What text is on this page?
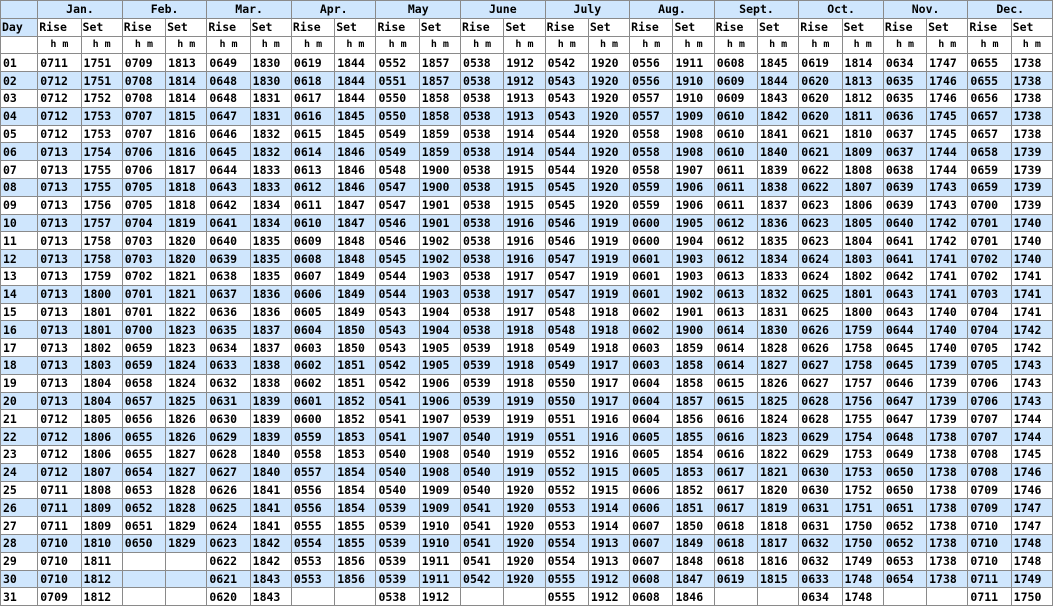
	Jan.		Feb.		Mar.		Apr.		May		June		July		Aug.		Sept.		Oct.		Nov.		Dec.	
Day	Rise	Set	Rise	Set	Rise	Set	Rise	Set	Rise	Set	Rise	Set	Rise	Set	Rise	Set	Rise	Set	Rise	Set	Rise	Set	Rise	Set
	h m	h m	h m	h m	h m	h m	h m	h m	h m	h m	h m	h m	h m	h m	h m	h m	h m	h m	h m	h m	h m	h m	h m	h m
01	0711	1751	0709	1813	0649	1830	0619	1844	0552	1857	0538	1912	0542	1920	0556	1911	0608	1845	0619	1814	0634	1747	0655	1738
02	0712	1751	0708	1814	0648	1830	0618	1844	0551	1857	0538	1912	0543	1920	0556	1910	0609	1844	0620	1813	0635	1746	0655	1738
03	0712	1752	0708	1814	0648	1831	0617	1844	0550	1858	0538	1913	0543	1920	0557	1910	0609	1843	0620	1812	0635	1746	0656	1738
04	0712	1753	0707	1815	0647	1831	0616	1845	0550	1858	0538	1913	0543	1920	0557	1909	0610	1842	0620	1811	0636	1745	0657	1738
05	0712	1753	0707	1816	0646	1832	0615	1845	0549	1859	0538	1914	0544	1920	0558	1908	0610	1841	0621	1810	0637	1745	0657	1738
06	0713	1754	0706	1816	0645	1832	0614	1846	0549	1859	0538	1914	0544	1920	0558	1908	0610	1840	0621	1809	0637	1744	0658	1739
07	0713	1755	0706	1817	0644	1833	0613	1846	0548	1900	0538	1915	0544	1920	0558	1907	0611	1839	0622	1808	0638	1744	0659	1739
08	0713	1755	0705	1818	0643	1833	0612	1846	0547	1900	0538	1915	0545	1920	0559	1906	0611	1838	0622	1807	0639	1743	0659	1739
09	0713	1756	0705	1818	0642	1834	0611	1847	0547	1901	0538	1915	0545	1920	0559	1906	0611	1837	0623	1806	0639	1743	0700	1739
10	0713	1757	0704	1819	0641	1834	0610	1847	0546	1901	0538	1916	0546	1919	0600	1905	0612	1836	0623	1805	0640	1742	0701	1740
11	0713	1758	0703	1820	0640	1835	0609	1848	0546	1902	0538	1916	0546	1919	0600	1904	0612	1835	0623	1804	0641	1742	0701	1740
12	0713	1758	0703	1820	0639	1835	0608	1848	0545	1902	0538	1916	0547	1919	0601	1903	0612	1834	0624	1803	0641	1741	0702	1740
13	0713	1759	0702	1821	0638	1835	0607	1849	0544	1903	0538	1917	0547	1919	0601	1903	0613	1833	0624	1802	0642	1741	0702	1741
14	0713	1800	0701	1821	0637	1836	0606	1849	0544	1903	0538	1917	0547	1919	0601	1902	0613	1832	0625	1801	0643	1741	0703	1741
15	0713	1801	0701	1822	0636	1836	0605	1849	0543	1904	0538	1917	0548	1918	0602	1901	0613	1831	0625	1800	0643	1740	0704	1741
16	0713	1801	0700	1823	0635	1837	0604	1850	0543	1904	0538	1918	0548	1918	0602	1900	0614	1830	0626	1759	0644	1740	0704	1742
17	0713	1802	0659	1823	0634	1837	0603	1850	0543	1905	0539	1918	0549	1918	0603	1859	0614	1828	0626	1758	0645	1740	0705	1742
18	0713	1803	0659	1824	0633	1838	0602	1851	0542	1905	0539	1918	0549	1917	0603	1858	0614	1827	0627	1758	0645	1739	0705	1743
19	0713	1804	0658	1824	0632	1838	0602	1851	0542	1906	0539	1918	0550	1917	0604	1858	0615	1826	0627	1757	0646	1739	0706	1743
20	0713	1804	0657	1825	0631	1839	0601	1852	0541	1906	0539	1919	0550	1917	0604	1857	0615	1825	0628	1756	0647	1739	0706	1743
21	0712	1805	0656	1826	0630	1839	0600	1852	0541	1907	0539	1919	0551	1916	0604	1856	0616	1824	0628	1755	0647	1739	0707	1744
22	0712	1806	0655	1826	0629	1839	0559	1853	0541	1907	0540	1919	0551	1916	0605	1855	0616	1823	0629	1754	0648	1738	0707	1744
23	0712	1806	0655	1827	0628	1840	0558	1853	0540	1908	0540	1919	0552	1916	0605	1854	0616	1822	0629	1753	0649	1738	0708	1745
24	0712	1807	0654	1827	0627	1840	0557	1854	0540	1908	0540	1919	0552	1915	0605	1853	0617	1821	0630	1753	0650	1738	0708	1746
25	0711	1808	0653	1828	0626	1841	0556	1854	0540	1909	0540	1920	0552	1915	0606	1852	0617	1820	0630	1752	0650	1738	0709	1746
26	0711	1809	0652	1828	0625	1841	0556	1854	0539	1909	0541	1920	0553	1914	0606	1851	0617	1819	0631	1751	0651	1738	0709	1747
27	0711	1809	0651	1829	0624	1841	0555	1855	0539	1910	0541	1920	0553	1914	0607	1850	0618	1818	0631	1750	0652	1738	0710	1747
28	0710	1810	0650	1829	0623	1842	0554	1855	0539	1910	0541	1920	0554	1913	0607	1849	0618	1817	0632	1750	0652	1738	0710	1748
29	0710	1811			0622	1842	0553	1856	0539	1911	0541	1920	0554	1913	0607	1848	0618	1816	0632	1749	0653	1738	0710	1748
30	0710	1812			0621	1843	0553	1856	0539	1911	0542	1920	0555	1912	0608	1847	0619	1815	0633	1748	0654	1738	0711	1749
31	0709	1812			0620	1843			0538	1912			0555	1912	0608	1846			0634	1748			0711	1750
